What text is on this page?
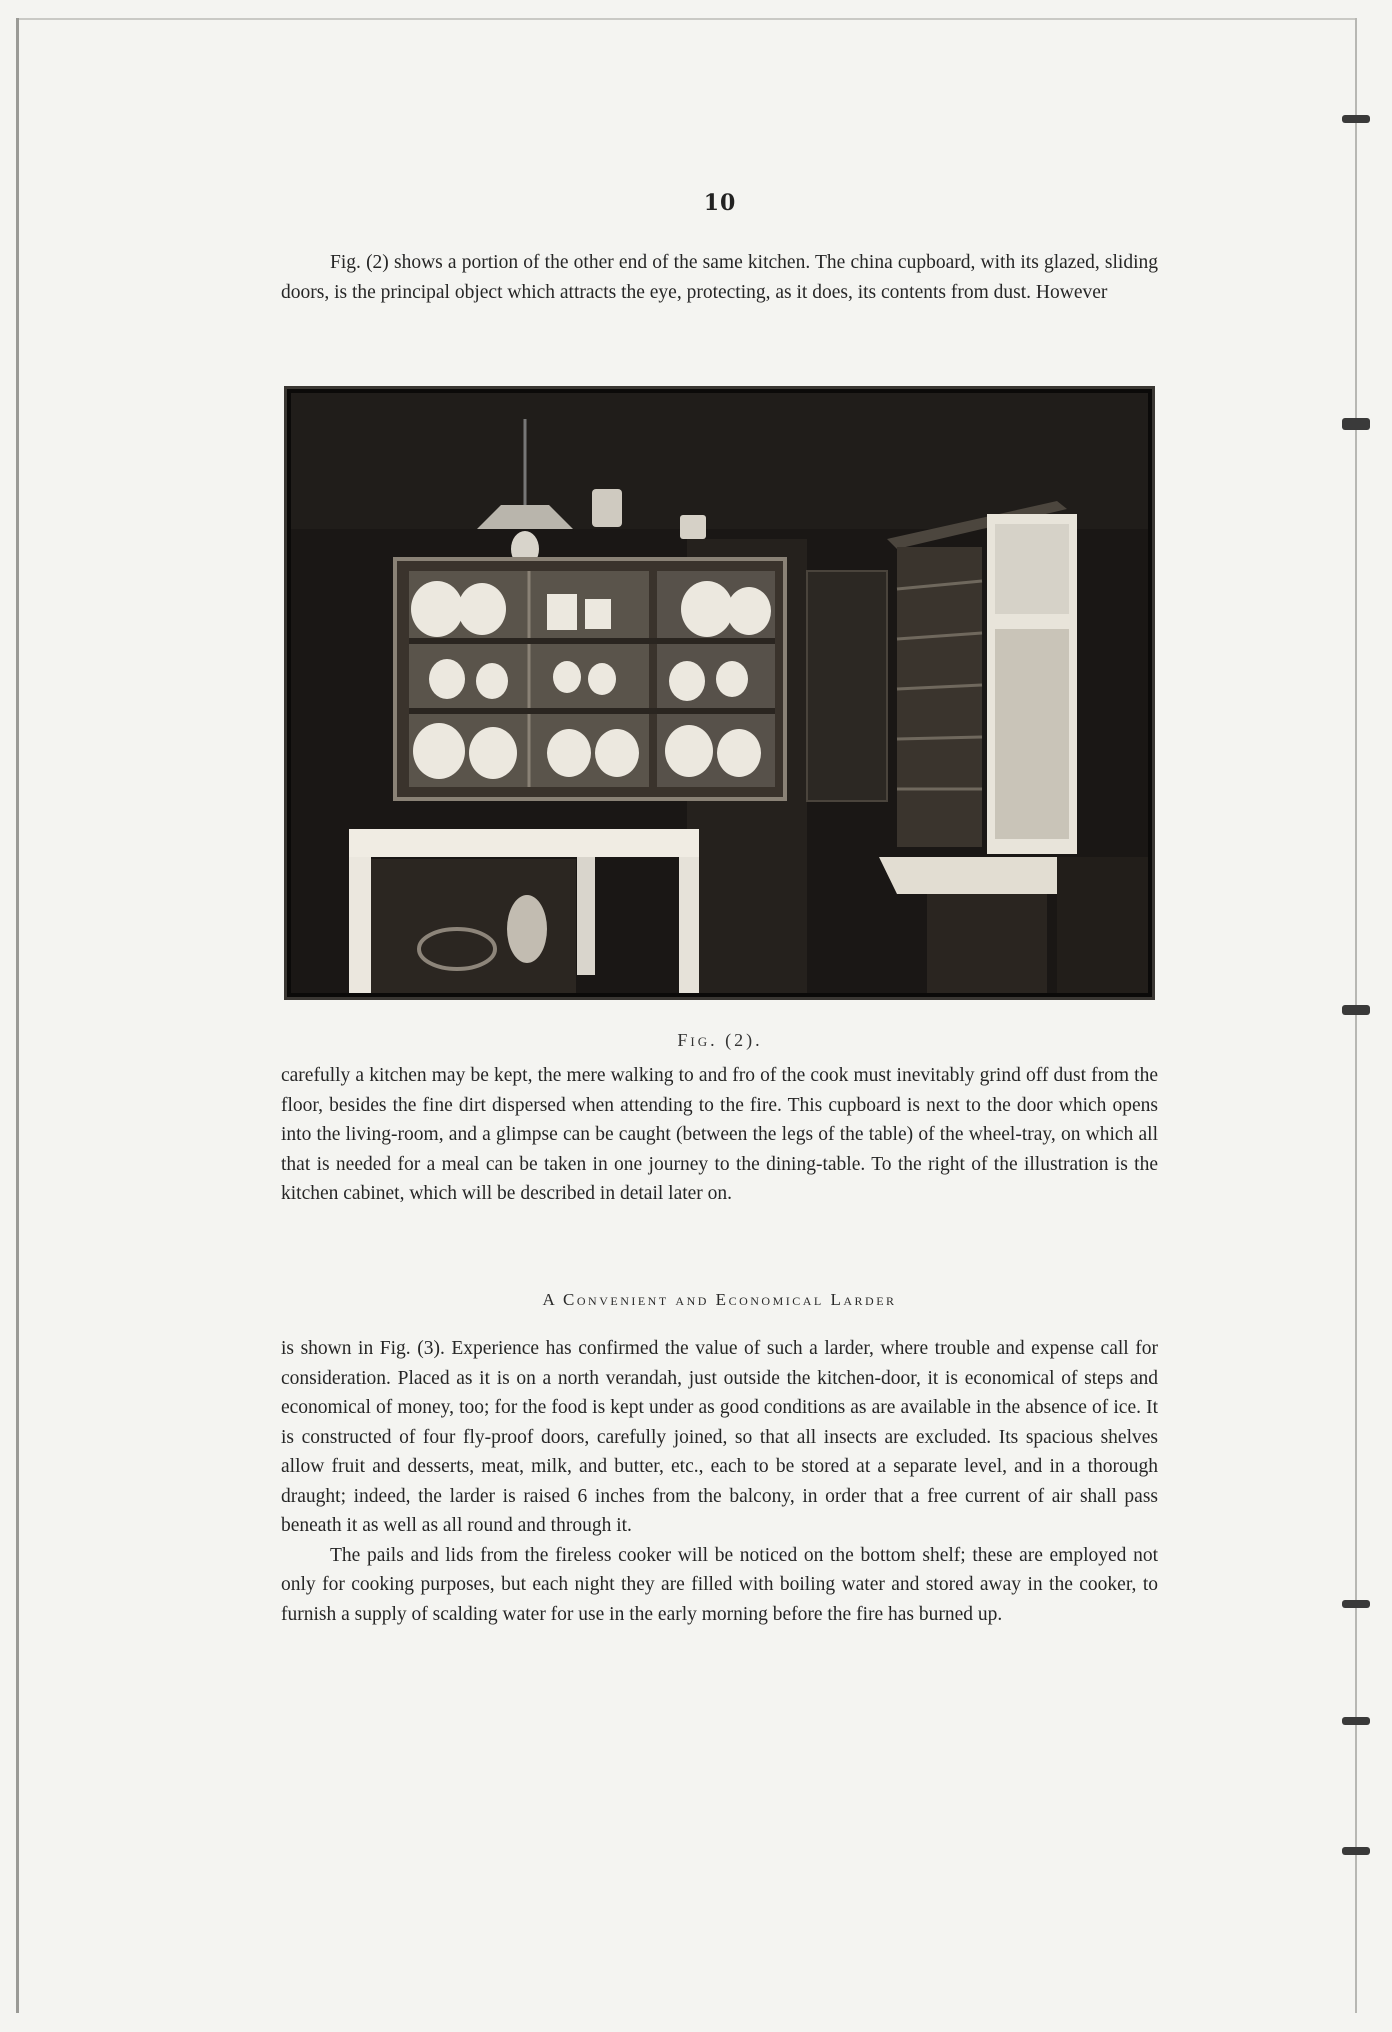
10

Fig. (2) shows a portion of the other end of the same kitchen. The china cupboard, with its glazed, sliding doors, is the principal object which attracts the eye, protecting, as it does, its contents from dust. However

Fig. (2).

carefully a kitchen may be kept, the mere walking to and fro of the cook must inevitably grind off dust from the floor, besides the fine dirt dispersed when attending to the fire. This cupboard is next to the door which opens into the living-room, and a glimpse can be caught (between the legs of the table) of the wheel-tray, on which all that is needed for a meal can be taken in one journey to the dining-table. To the right of the illustration is the kitchen cabinet, which will be described in detail later on.

A Convenient and Economical Larder

is shown in Fig. (3). Experience has confirmed the value of such a larder, where trouble and expense call for consideration. Placed as it is on a north verandah, just outside the kitchen-door, it is economical of steps and economical of money, too; for the food is kept under as good conditions as are available in the absence of ice. It is constructed of four fly-proof doors, carefully joined, so that all insects are excluded. Its spacious shelves allow fruit and desserts, meat, milk, and butter, etc., each to be stored at a separate level, and in a thorough draught; indeed, the larder is raised 6 inches from the balcony, in order that a free current of air shall pass beneath it as well as all round and through it.

The pails and lids from the fireless cooker will be noticed on the bottom shelf; these are employed not only for cooking purposes, but each night they are filled with boiling water and stored away in the cooker, to furnish a supply of scalding water for use in the early morning before the fire has burned up.
